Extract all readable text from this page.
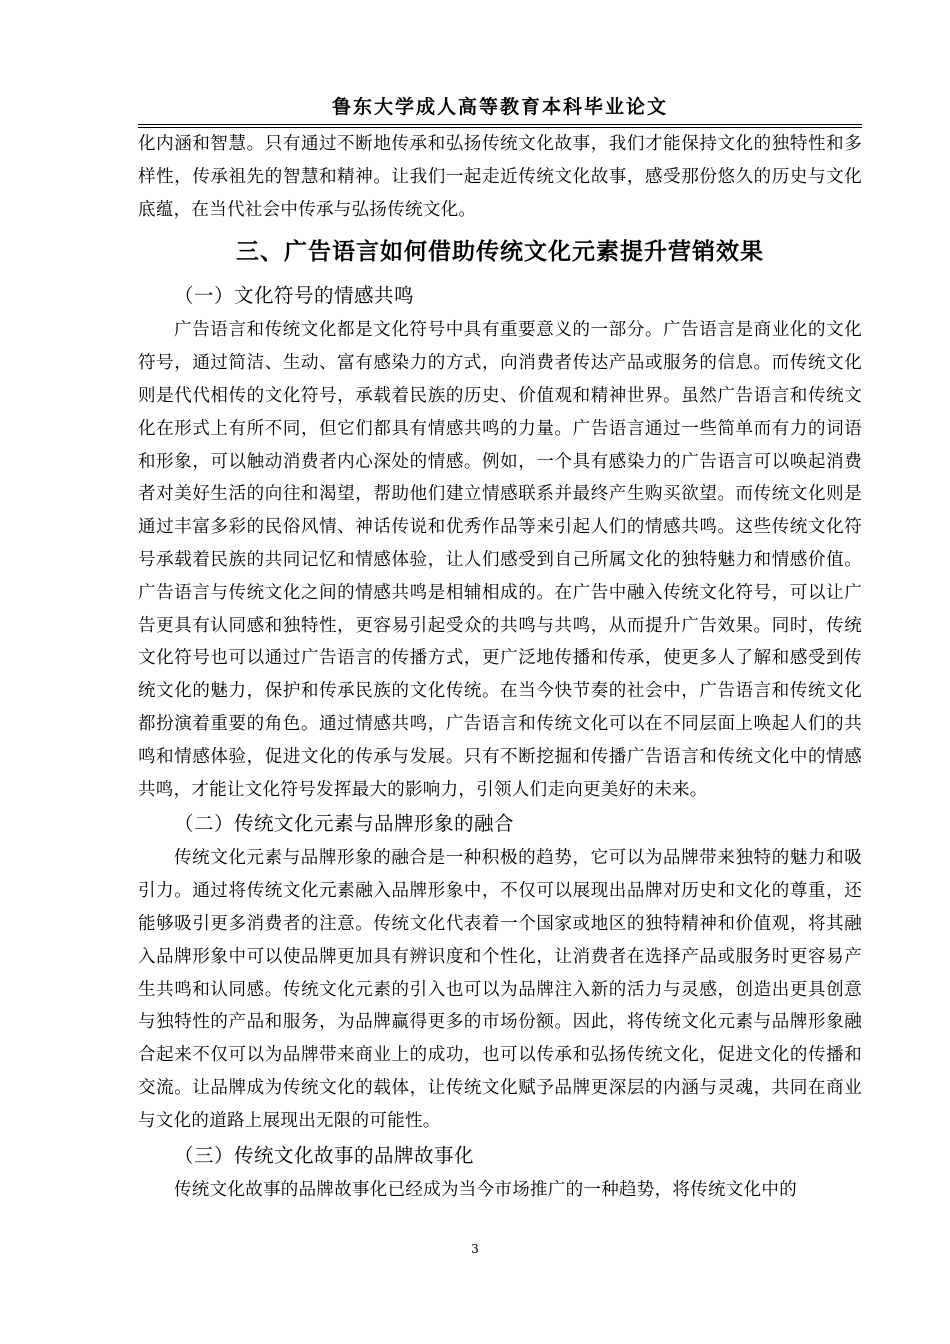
鲁东大学成人高等教育本科毕业论文

化内涵和智慧。只有通过不断地传承和弘扬传统文化故事，我们才能保持文化的独特性和多样性，传承祖先的智慧和精神。让我们一起走近传统文化故事，感受那份悠久的历史与文化底蕴，在当代社会中传承与弘扬传统文化。

三、广告语言如何借助传统文化元素提升营销效果
（一）文化符号的情感共鸣

广告语言和传统文化都是文化符号中具有重要意义的一部分。广告语言是商业化的文化符号，通过简洁、生动、富有感染力的方式，向消费者传达产品或服务的信息。而传统文化则是代代相传的文化符号，承载着民族的历史、价值观和精神世界。虽然广告语言和传统文化在形式上有所不同，但它们都具有情感共鸣的力量。广告语言通过一些简单而有力的词语和形象，可以触动消费者内心深处的情感。例如，一个具有感染力的广告语言可以唤起消费者对美好生活的向往和渴望，帮助他们建立情感联系并最终产生购买欲望。而传统文化则是通过丰富多彩的民俗风情、神话传说和优秀作品等来引起人们的情感共鸣。这些传统文化符号承载着民族的共同记忆和情感体验，让人们感受到自己所属文化的独特魅力和情感价值。广告语言与传统文化之间的情感共鸣是相辅相成的。在广告中融入传统文化符号，可以让广告更具有认同感和独特性，更容易引起受众的共鸣与共鸣，从而提升广告效果。同时，传统文化符号也可以通过广告语言的传播方式，更广泛地传播和传承，使更多人了解和感受到传统文化的魅力，保护和传承民族的文化传统。在当今快节奏的社会中，广告语言和传统文化都扮演着重要的角色。通过情感共鸣，广告语言和传统文化可以在不同层面上唤起人们的共鸣和情感体验，促进文化的传承与发展。只有不断挖掘和传播广告语言和传统文化中的情感共鸣，才能让文化符号发挥最大的影响力，引领人们走向更美好的未来。

（二）传统文化元素与品牌形象的融合

传统文化元素与品牌形象的融合是一种积极的趋势，它可以为品牌带来独特的魅力和吸引力。通过将传统文化元素融入品牌形象中，不仅可以展现出品牌对历史和文化的尊重，还能够吸引更多消费者的注意。传统文化代表着一个国家或地区的独特精神和价值观，将其融入品牌形象中可以使品牌更加具有辨识度和个性化，让消费者在选择产品或服务时更容易产生共鸣和认同感。传统文化元素的引入也可以为品牌注入新的活力与灵感，创造出更具创意与独特性的产品和服务，为品牌赢得更多的市场份额。因此，将传统文化元素与品牌形象融合起来不仅可以为品牌带来商业上的成功，也可以传承和弘扬传统文化，促进文化的传播和交流。让品牌成为传统文化的载体，让传统文化赋予品牌更深层的内涵与灵魂，共同在商业与文化的道路上展现出无限的可能性。

（三）传统文化故事的品牌故事化

传统文化故事的品牌故事化已经成为当今市场推广的一种趋势，将传统文化中的

3
